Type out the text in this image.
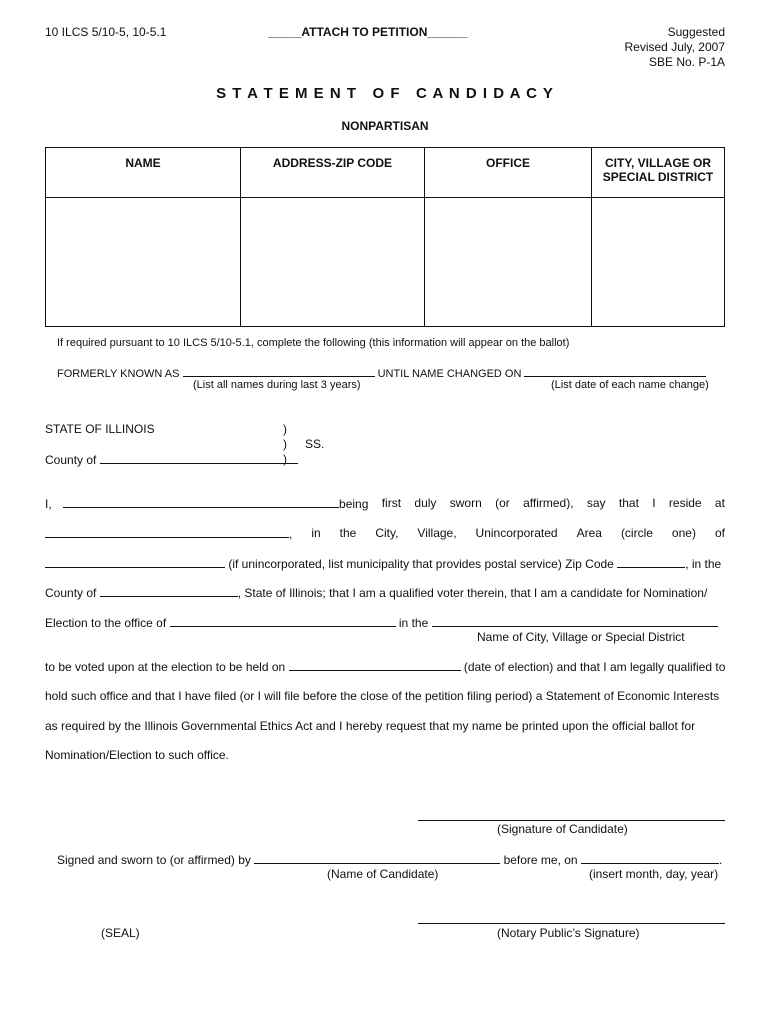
10 ILCS 5/10-5, 10-5.1	_____ATTACH TO PETITION______	Suggested
Revised July, 2007
SBE No. P-1A
S T A T E M E N T   O F   C A N D I D A C Y
NONPARTISAN
NAME	ADDRESS-ZIP CODE	OFFICE	CITY, VILLAGE OR
SPECIAL DISTRICT

If required pursuant to 10 ILCS 5/10-5.1, complete the following (this information will appear on the ballot)
FORMERLY KNOWN AS	UNTIL NAME CHANGED ON
(List all names during last 3 years)	(List date of each name change)
STATE OF ILLINOIS
County of
)
)
)
SS.
I,	being first duly sworn (or affirmed), say that I reside at
, in the City, Village, Unincorporated Area (circle one) of
(if unincorporated, list municipality that provides postal service) Zip Code	, in the
County of	, State of Illinois; that I am a qualified voter therein, that I am a candidate for Nomination/
Election to the office of	in the
Name of City, Village or Special District
to be voted upon at the election to be held on	(date of election) and that I am legally qualified to
hold such office and that I have filed (or I will file before the close of the petition filing period) a Statement of Economic Interests
as required by the Illinois Governmental Ethics Act and I hereby request that my name be printed upon the official ballot for
Nomination/Election to such office.
(Signature of Candidate)
Signed and sworn to (or affirmed) by	before me, on	.
(Name of Candidate)	(insert month, day, year)
(SEAL)	(Notary Public’s Signature)
